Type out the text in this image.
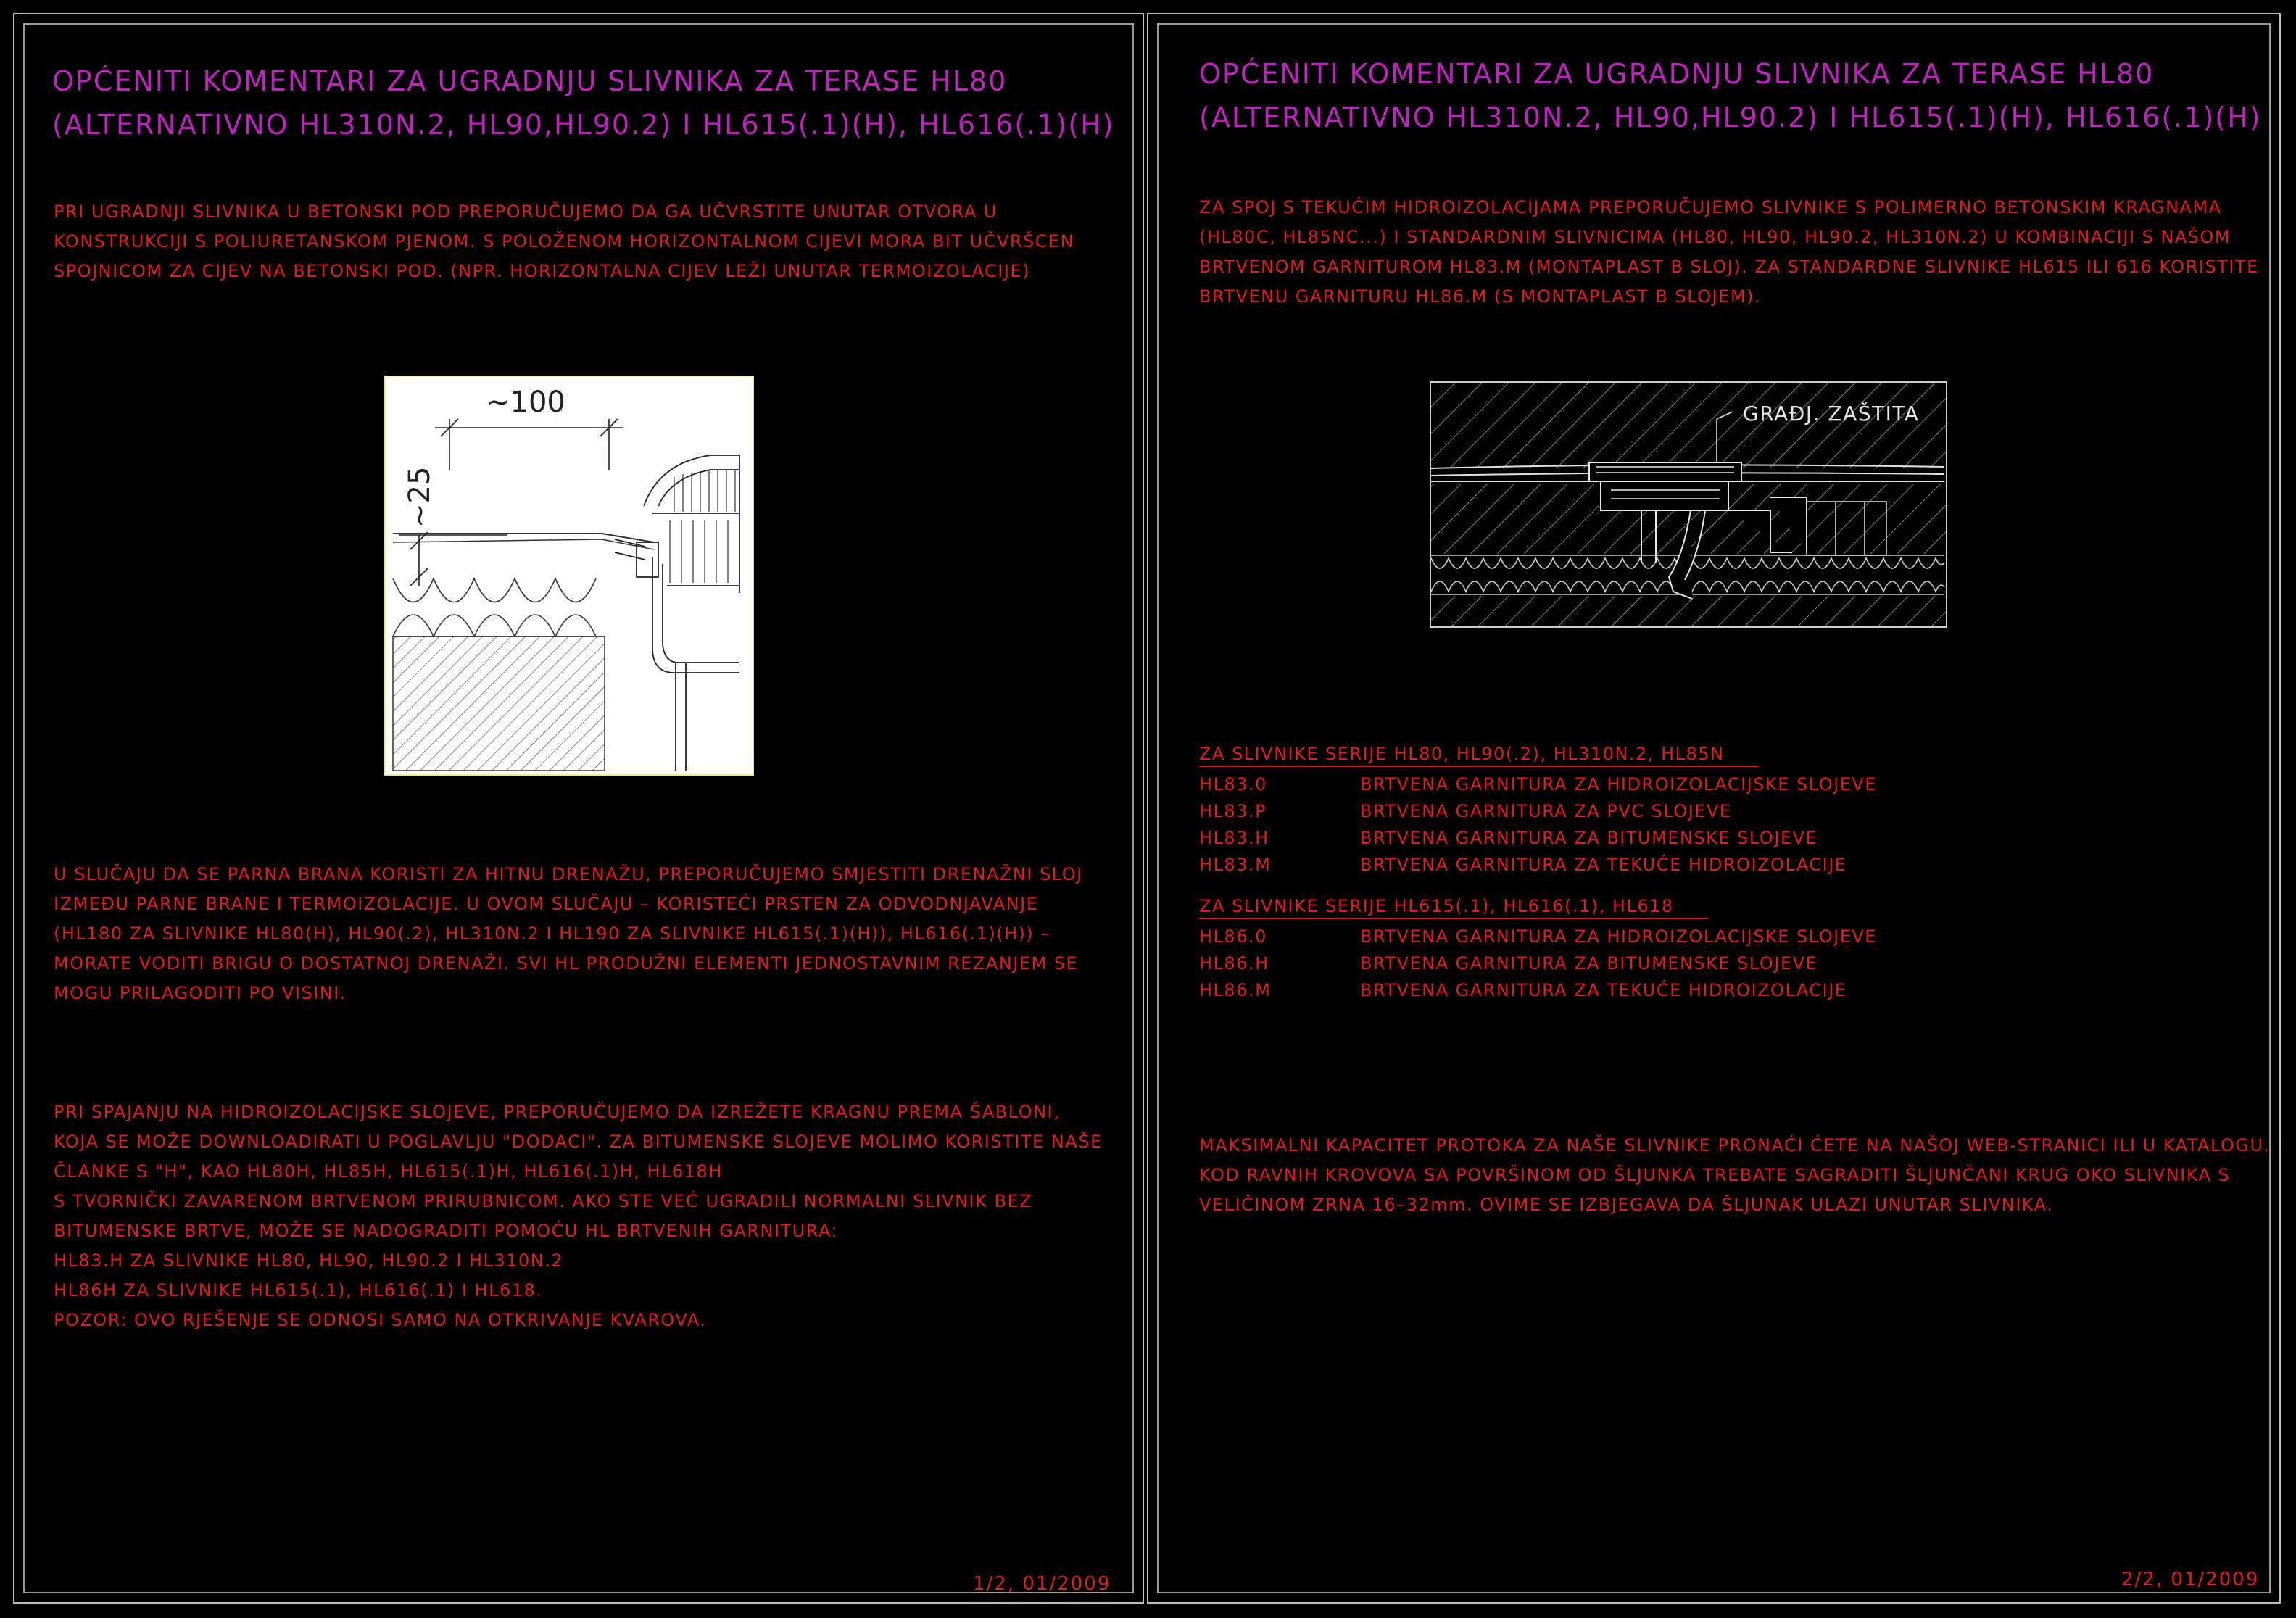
OPĆENITI KOMENTARI ZA UGRADNJU SLIVNIKA ZA TERASE HL80
(ALTERNATIVNO HL310N.2, HL90,HL90.2) I HL615(.1)(H), HL616(.1)(H)
PRI UGRADNJI SLIVNIKA U BETONSKI POD PREPORUČUJEMO DA GA UČVRSTITE UNUTAR OTVORA U
KONSTRUKCIJI S POLIURETANSKOM PJENOM. S POLOŽENOM HORIZONTALNOM CIJEVI MORA BIT UČVRŠCEN
SPOJNICOM ZA CIJEV NA BETONSKI POD. (NPR. HORIZONTALNA CIJEV LEŽI UNUTAR TERMOIZOLACIJE)
~100
~25
U SLUČAJU DA SE PARNA BRANA KORISTI ZA HITNU DRENAŽU, PREPORUČUJEMO SMJESTITI DRENAŽNI SLOJ
IZMEĐU PARNE BRANE I TERMOIZOLACIJE. U OVOM SLUČAJU – KORISTEĆI PRSTEN ZA ODVODNJAVANJE
(HL180 ZA SLIVNIKE HL80(H), HL90(.2), HL310N.2 I HL190 ZA SLIVNIKE HL615(.1)(H)), HL616(.1)(H)) –
MORATE VODITI BRIGU O DOSTATNOJ DRENAŽI. SVI HL PRODUŽNI ELEMENTI JEDNOSTAVNIM REZANJEM SE
MOGU PRILAGODITI PO VISINI.
PRI SPAJANJU NA HIDROIZOLACIJSKE SLOJEVE, PREPORUČUJEMO DA IZREŽETE KRAGNU PREMA ŠABLONI,
KOJA SE MOŽE DOWNLOADIRATI U POGLAVLJU "DODACI". ZA BITUMENSKE SLOJEVE MOLIMO KORISTITE NAŠE
ČLANKE S "H", KAO HL80H, HL85H, HL615(.1)H, HL616(.1)H, HL618H
S TVORNIČKI ZAVARENOM BRTVENOM PRIRUBNICOM. AKO STE VEĆ UGRADILI NORMALNI SLIVNIK BEZ
BITUMENSKE BRTVE, MOŽE SE NADOGRADITI POMOĆU HL BRTVENIH GARNITURA:
HL83.H ZA SLIVNIKE HL80, HL90, HL90.2 I HL310N.2
HL86H ZA SLIVNIKE HL615(.1), HL616(.1) I HL618.
POZOR: OVO RJEŠENJE SE ODNOSI SAMO NA OTKRIVANJE KVAROVA.
1/2, 01/2009
OPĆENITI KOMENTARI ZA UGRADNJU SLIVNIKA ZA TERASE HL80
(ALTERNATIVNO HL310N.2, HL90,HL90.2) I HL615(.1)(H), HL616(.1)(H)
ZA SPOJ S TEKUĆIM HIDROIZOLACIJAMA PREPORUČUJEMO SLIVNIKE S POLIMERNO BETONSKIM KRAGNAMA
(HL80C, HL85NC...) I STANDARDNIM SLIVNICIMA (HL80, HL90, HL90.2, HL310N.2) U KOMBINACIJI S NAŠOM
BRTVENOM GARNITUROM HL83.M (MONTAPLAST B SLOJ). ZA STANDARDNE SLIVNIKE HL615 ILI 616 KORISTITE
BRTVENU GARNITURU HL86.M (S MONTAPLAST B SLOJEM).
GRAĐJ. ZAŠTITA
ZA SLIVNIKE SERIJE HL80, HL90(.2), HL310N.2, HL85N
HL83.0	BRTVENA GARNITURA ZA HIDROIZOLACIJSKE SLOJEVE
HL83.P	BRTVENA GARNITURA ZA PVC SLOJEVE
HL83.H	BRTVENA GARNITURA ZA BITUMENSKE SLOJEVE
HL83.M	BRTVENA GARNITURA ZA TEKUĆE HIDROIZOLACIJE
ZA SLIVNIKE SERIJE HL615(.1), HL616(.1), HL618
HL86.0	BRTVENA GARNITURA ZA HIDROIZOLACIJSKE SLOJEVE
HL86.H	BRTVENA GARNITURA ZA BITUMENSKE SLOJEVE
HL86.M	BRTVENA GARNITURA ZA TEKUĆE HIDROIZOLACIJE
MAKSIMALNI KAPACITET PROTOKA ZA NAŠE SLIVNIKE PRONAĆI ĆETE NA NAŠOJ WEB-STRANICI ILI U KATALOGU.
KOD RAVNIH KROVOVA SA POVRŠINOM OD ŠLJUNKA TREBATE SAGRADITI ŠLJUNČANI KRUG OKO SLIVNIKA S
VELIČINOM ZRNA 16–32mm. OVIME SE IZBJEGAVA DA ŠLJUNAK ULAZI UNUTAR SLIVNIKA.
2/2, 01/2009
